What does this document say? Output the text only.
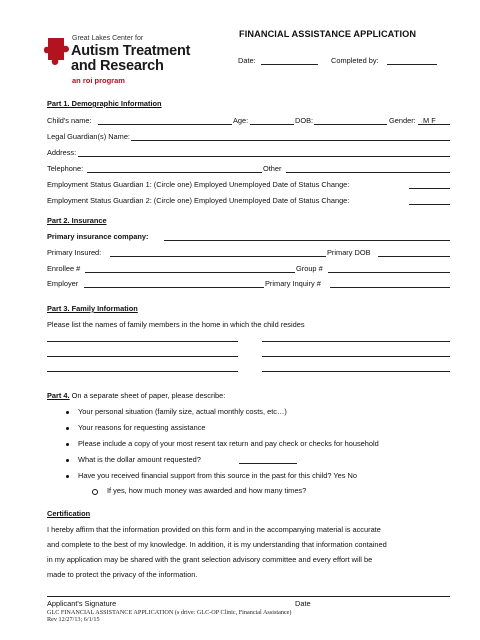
Great Lakes Center for
Autism Treatment
and Research
an roi program
FINANCIAL ASSISTANCE APPLICATION
Date:	Completed by:
Part 1. Demographic Information
Child's name:	Age:	DOB:	Gender: M F
Legal Guardian(s) Name:
Address:
Telephone:	Other
Employment Status Guardian 1: (Circle one) Employed Unemployed Date of Status Change:
Employment Status Guardian 2: (Circle one) Employed Unemployed Date of Status Change:
Part 2. Insurance
Primary insurance company:
Primary Insured:	Primary DOB
Enrollee #	Group #
Employer	Primary Inquiry #
Part 3. Family Information
Please list the names of family members in the home in which the child resides
Part 4. On a separate sheet of paper, please describe:
Your personal situation (family size, actual monthly costs, etc…)
Your reasons for requesting assistance
Please include a copy of your most resent tax return and pay check or checks for household
What is the dollar amount requested?
Have you received financial support from this source in the past for this child? Yes No
If yes, how much money was awarded and how many times?
Certification
I hereby affirm that the information provided on this form and in the accompanying material is accurate
and complete to the best of my knowledge. In addition, it is my understanding that information contained
in my application may be shared with the grant selection advisory committee and every effort will be
made to protect the privacy of the information.
Applicant's Signature	Date
GLC FINANCIAL ASSISTANCE APPLICATION (s drive: GLC-OP Clinic, Financial Assistance)
Rev 12/27/13; 6/1/15
